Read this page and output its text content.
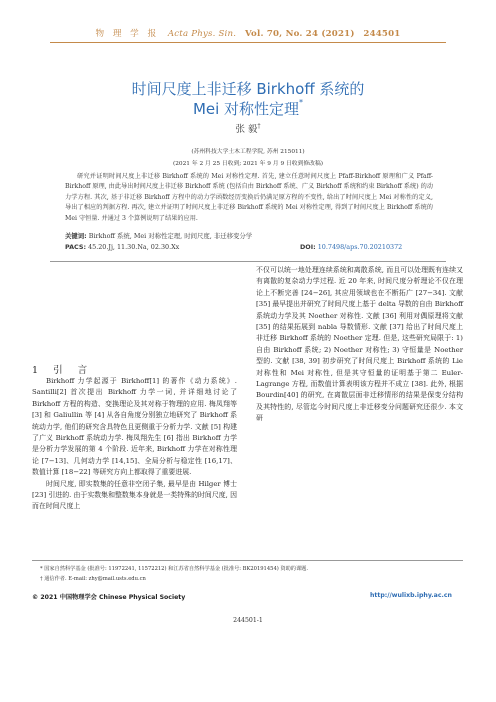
物 理 学 报 Acta Phys. Sin. Vol. 70, No. 24 (2021) 244501
时间尺度上非迁移 Birkhoff 系统的
Mei 对称性定理*
张 毅†
(苏州科技大学土木工程学院, 苏州 215011)
(2021 年 2 月 25 日收到; 2021 年 9 月 9 日收到修改稿)
研究并证明时间尺度上非迁移 Birkhoff 系统的 Mei 对称性定理. 首先, 建立任意时间尺度上 Pfaff-Birkhoff 原理和广义 Pfaff-Birkhoff 原理, 由此导出时间尺度上非迁移 Birkhoff 系统 (包括自由 Birkhoff 系统、广义 Birkhoff 系统和约束 Birkhoff 系统) 的动力学方程. 其次, 基于非迁移 Birkhoff 方程中的动力学函数经历变换后仍满足原方程的不变性, 给出了时间尺度上 Mei 对称性的定义, 导出了相应的判据方程. 再次, 建立并证明了时间尺度上非迁移 Birkhoff 系统的 Mei 对称性定理, 得到了时间尺度上 Birkhoff 系统的 Mei 守恒量. 并通过 3 个算例说明了结果的应用.
关键词: Birkhoff 系统, Mei 对称性定理, 时间尺度, 非迁移变分学
PACS: 45.20.Jj, 11.30.Na, 02.30.Xx	DOI: 10.7498/aps.70.20210372
1 引 言

Birkhoff 力学起源于 Birkhoff[1] 的著作《动力系统》. Santilli[2] 首次提出 Birkhoff 力学一词, 并详细地讨论了 Birkhoff 方程的构造、变换理论及其对称于物理的应用. 梅凤翔等 [3] 和 Galiullin 等 [4] 从各自角度分别独立地研究了 Birkhoff 系统动力学, 他们的研究含具特色且更侧重于分析力学. 文献 [5] 构建了广义 Birkhoff 系统动力学. 梅凤翔先生 [6] 指出 Birkhoff 力学是分析力学发展的第 4 个阶段. 近年来, Birkhoff 力学在对称性理论 [7−13]、几何动力学 [14,15]、全局分析与稳定性 [16,17]、数值计算 [18−22] 等研究方向上都取得了重要进展.

时间尺度, 即实数集的任意非空闭子集, 最早是由 Hilger 博士 [23] 引进的. 由于实数集和整数集本身就是一类特殊的时间尺度, 因而在时间尺度上

不仅可以统一地处理连续系统和离散系统, 而且可以处理既有连续又有离散的复杂动力学过程. 近 20 年来, 时间尺度分析理论不仅在理论上不断完善 [24−26], 其应用领域也在不断拓广 [27−34]. 文献 [35] 最早提出并研究了时间尺度上基于 delta 导数的自由 Birkhoff 系统动力学及其 Noether 对称性. 文献 [36] 利用对偶原理将文献 [35] 的结果拓展到 nabla 导数情形. 文献 [37] 给出了时间尺度上非迁移 Birkhoff 系统的 Noether 定理. 但是, 这些研究局限于: 1) 自由 Birkhoff 系统; 2) Noether 对称性; 3) 守恒量是 Noether 型的. 文献 [38, 39] 初步研究了时间尺度上 Birkhoff 系统的 Lie 对称性和 Mei 对称性, 但是其守恒量的证明基于第二 Euler-Lagrange 方程, 而数值计算表明该方程并不成立 [38]. 此外, 根据 Bourdin[40] 的研究, 在离散层面非迁移情形的结果是保变分结构及其特性的, 尽管迄今时间尺度上非迁移变分问题研究还很少. 本文研

* 国家自然科学基金 (批准号: 11972241, 11572212) 和江苏省自然科学基金 (批准号: BK20191454) 资助的课题.
† 通信作者. E-mail: zhy@mail.usts.edu.cn
© 2021 中国物理学会 Chinese Physical Society	http://wulixb.iphy.ac.cn
244501-1
